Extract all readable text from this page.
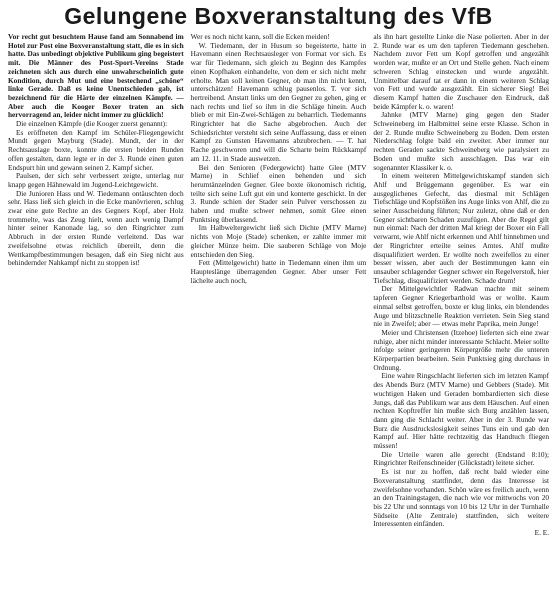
Gelungene Boxveranstaltung des VfB

Vor recht gut besuchtem Hause fand am Sonnabend im Hotel zur Post eine Boxveranstaltung statt, die es in sich hatte. Das unbedingt objektive Publikum ging begeistert mit. Die Männer des Post-Sport-Vereins Stade zeichneten sich aus durch eine unwahrscheinlich gute Kondition, durch Mut und eine bestechend „schöne“ linke Gerade. Daß es keine Unentschieden gab, ist bezeichnend für die Härte der einzelnen Kämpfe. — Aber auch die Kooger Boxer traten an sich hervorragend an, leider nicht immer zu glücklich!

Die einzelnen Kämpfe (die Kooger zuerst genannt):

Es eröffneten den Kampf im Schüler-Fliegengewicht Mundt gegen Mayburg (Stade). Mundt, der in der Rechtsauslage boxte, konnte die ersten beiden Runden offen gestalten, dann legte er in der 3. Runde einen guten Endspurt hin und gewann seinen 2. Kampf sicher.

Paulsen, der sich sehr verbessert zeigte, unterlag nur knapp gegen Hähnewald im Jugend-Leichtgewicht.

Die Junioren Hass und W. Tiedemann ontäuschten doch sehr. Hass ließ sich gleich in die Ecke manövrieren, schlug zwar eine gute Rechte an des Gegners Kopf, aber Holz trommelte, was das Zeug hielt, wenn auch wenig Dampf hinter seiner Kanonade lag, so den Ringrichter zum Abbruch in der ersten Runde verleitend. Das war zweifelsohne etwas reichlich übereilt, denn die Wettkampfbestimmungen besagen, daß ein Sieg nicht aus behindernder Nahkampf nicht zu stoppen ist!

Wer es noch nicht kann, soll die Ecken meiden!

W. Tiedemann, der in Husum so begeisterte, hatte in Havemann einen Rechtsausleger von Format vor sich. Es war für Tiedemann, sich gleich zu Beginn des Kampfes einen Kopfhaken einhandelte, von dem er sich nicht mehr erholte. Man soll keinen Gegner, ob man ihn nicht kennt, unterschätzen! Havemann schlug pausenlos. T. vor sich hertreibend. Anstatt links um den Gegner zu gehen, ging er nach rechts und lief so ihm in die Schläge hinein. Auch blieb er mit Ein-Zwei-Schlägen zu beharrlich. Tiedemanns Ringrichter hat die Sache abgebrochen. Auch der Schiedsrichter versteht sich seine Auffassung, dass er einen Kampf zu Gunsten Havemanns abzubrechen. — T. hat Rache geschworen und will die Scharte beim Rückkampf am 12. 11. in Stade auswetzen.

Bei den Senioren (Federgewicht) hatte Glee (MTV Marne) in Schlief einen behenden und sich herumtänzelnden Gegner. Glee boxte ökonomisch richtig, teilte sich seine Luft gut ein und konterte geschickt. In der 3. Runde schien der Stader sein Pulver verschossen zu haben und mußte schwer nehmen, somit Glee einen Punktsieg überlassend.

Im Halbweltergewicht ließ sich Dichte (MTV Marne) nichts von Moje (Stade) schenken, er zahlte immer mit gleicher Münze heim. Die sauberen Schläge von Moje entschieden den Sieg.

Fett (Mittelgewicht) hatte in Tiedemann einen ihm um Haupteslänge überragenden Gegner. Aber unser Fett lächelte auch noch,

als ihn hart gestellte Linke die Nase polierten. Aber in der 2. Runde war es um den tapferen Tiedemann geschehen. Nachdem zuvor Fett um Kopf getroffen und angezählt worden war, mußte er an Ort und Stelle gehen. Nach einem schweren Schlag einstecken und wurde angezählt. Unmittelbar darauf tat er dann in einem weiteren Schlag von Fett und wurde ausgezählt. Ein sicherer Sieg! Bei diesem Kampf hatten die Zuschauer den Eindruck, daß beide Kämpfer k. o. waren!

Jahnke (MTV Marne) ging gegen den Stader Schweineberg im Halbmittel seine erste Klasse. Schon in der 2. Runde mußte Schweineberg zu Boden. Dem ersten Niederschlag folgte bald ein zweiter. Aber immer nur rechten Geraden sackte Schweineberg wie paralysiert zu Boden und mußte sich ausschlagen. Das war ein sogenannter Klassiker k. o.

In einem weiteren Mittelgewichtskampf standen sich Ahlf und Brüggemann gegenüber. Es war ein ausgeglichenes Gefecht, das diesmal mit Schlägen Tiefschläge und Kopfstößen ins Auge links von Ahlf, die zu seiner Ausscheidung führten; Nur zuletzt, ohne daß er den Gegner sichtbaren Schaden zuzufügen. Aber die Regel gilt nun einmal: Nach der dritten Mal kriegt der Boxer ein Fall verwarnt, wie Ahlf nicht erkennen und Ahlf hinnehmen und der Ringrichter erteilte seines Amtes. Ahlf mußte disqualifiziert werden. Er wollte noch zweifellos zu einer besser wissen, aber auch der Bestimmungen kann ein unsauber schlagender Gegner schwer ein Regelverstoß, hier Tiefschlag, disqualifiziert werden. Schade drum!

Der Mittelgewichtler Radwan machte mit seinem tapferen Gegner Kriegerbarthold was er wollte. Kaum einmal selbst getroffen, boxte er klug links, ein blendendes Auge und blitzschnelle Reaktion verrieten. Sein Sieg stand nie in Zweifel; aber — etwas mehr Paprika, mein Junge!

Meier und Christensen (Itzehoe) lieferten sich eine zwar ruhige, aber nicht minder interessante Schlacht. Meier sollte infolge seiner geringeren Körpergröße mehr die unteren Körperpartien bearbeiten. Sein Punktsieg ging durchaus in Ordnung.

Eine wahre Ringschlacht lieferten sich im letzten Kampf des Abends Burz (MTV Marne) und Gebbers (Stade). Mit wuchtigen Haken und Geraden bombardierten sich diese Jungs, daß das Publikum war aus dem Häuschen. Auf einen rechten Kopftreffer hin mußte sich Burg anzählen lassen, dann ging die Schlacht weiter. Aber in der 3. Runde war Burz die Ausdruckslosigkeit seines Tuns ein und gab den Kampf auf. Hier hätte rechtzeitig das Handtuch fliegen müssen!

Die Urteile waren alle gerecht (Endstand 8:10); Ringrichter Reifenschneider (Glückstadt) leitete sicher.

Es ist nur zu hoffen, daß recht bald wieder eine Boxveranstaltung stattfindet, denn das Interesse ist zweifelsohne vorhanden. Schön wäre es freilich auch, wenn an den Trainingstagen, die nach wie vor mittwochs von 20 bis 22 Uhr und sonntags von 10 bis 12 Uhr in der Turnhalle Südseite (Alte Zentrale) stattfinden, sich weitere Interessenten einfänden.

E. E.
